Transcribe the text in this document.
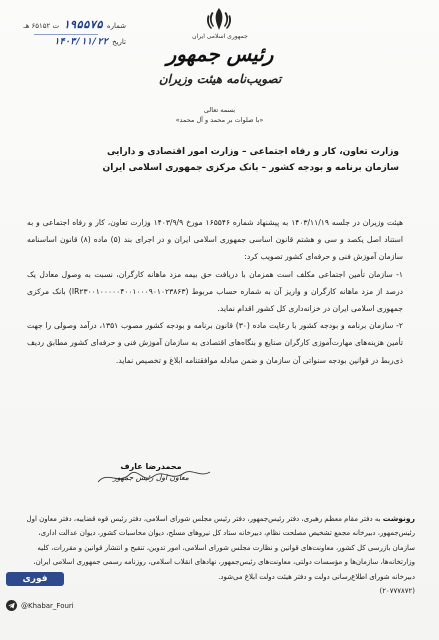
جمهوری اسلامی ایران
رئیس جمهور
تصویب‌نامه هیئت وزیران
شماره
۱۹۵۵۷۵
ت ۶۵۱۵۲ هـ
تاریخ
۱۴۰۳/۱۱/۲۲
بسمه تعالی
«با صلوات بر محمد و آل محمد»
وزارت تعاون، کار و رفاه اجتماعی – وزارت امور اقتصادی و دارایی
سازمان برنامه و بودجه کشور – بانک مرکزی جمهوری اسلامی ایران

هیئت وزیران در جلسه ۱۴۰۳/۱۱/۱۹ به پیشنهاد شماره ۱۶۵۵۴۶ مورخ ۱۴۰۳/۹/۹ وزارت تعاون، کار و رفاه اجتماعی و به استناد اصل یکصد و سی و هشتم قانون اساسی جمهوری اسلامی ایران و در اجرای بند (۵) ماده (۸) قانون اساسنامه سازمان آموزش فنی و حرفه‌ای کشور تصویب کرد:

۱- سازمان تأمین اجتماعی مکلف است همزمان با دریافت حق بیمه مزد ماهانه کارگران، نسبت به وصول معادل یک درصد از مزد ماهانه کارگران و واریز آن به شماره حساب مربوط (IR۲۳۰۰۱۰۰۰۰۰۴۰۰۱۰۰۰۹۰۱۰۲۳۸۶۳) بانک مرکزی جمهوری اسلامی ایران در خزانه‌داری کل کشور اقدام نماید.

۲- سازمان برنامه و بودجه کشور با رعایت ماده (۳۰) قانون برنامه و بودجه کشور مصوب ۱۳۵۱، درآمد وصولی را جهت تأمین هزینه‌های مهارت‌آموزی کارگران صنایع و بنگاه‌های اقتصادی به سازمان آموزش فنی و حرفه‌ای کشور مطابق ردیف ذی‌ربط در قوانین بودجه سنواتی آن سازمان و ضمن مبادله موافقتنامه ابلاغ و تخصیص نماید.

محمدرضا عارف
معاون اول رئیس جمهور
رونوشت به دفتر مقام معظم رهبری، دفتر رئیس‌جمهور، دفتر رئیس مجلس شورای اسلامی، دفتر رئیس قوه قضاییه، دفتر معاون اول رئیس‌جمهور، دبیرخانه مجمع تشخیص مصلحت نظام، دبیرخانه ستاد کل نیروهای مسلح، دیوان محاسبات کشور، دیوان عدالت اداری، سازمان بازرسی کل کشور، معاونت‌های قوانین و نظارت مجلس شورای اسلامی، امور تدوین، تنقیح و انتشار قوانین و مقررات، کلیه وزارتخانه‌ها، سازمان‌ها و مؤسسات دولتی، معاونت‌های رئیس‌جمهور، نهادهای انقلاب اسلامی، روزنامه رسمی جمهوری اسلامی ایران، دبیرخانه شورای اطلاع‌رسانی دولت و دفتر هیئت دولت ابلاغ می‌شود.
(۲۰۷۷۷۸۷۲)
فوری
@Khabar_Fouri
